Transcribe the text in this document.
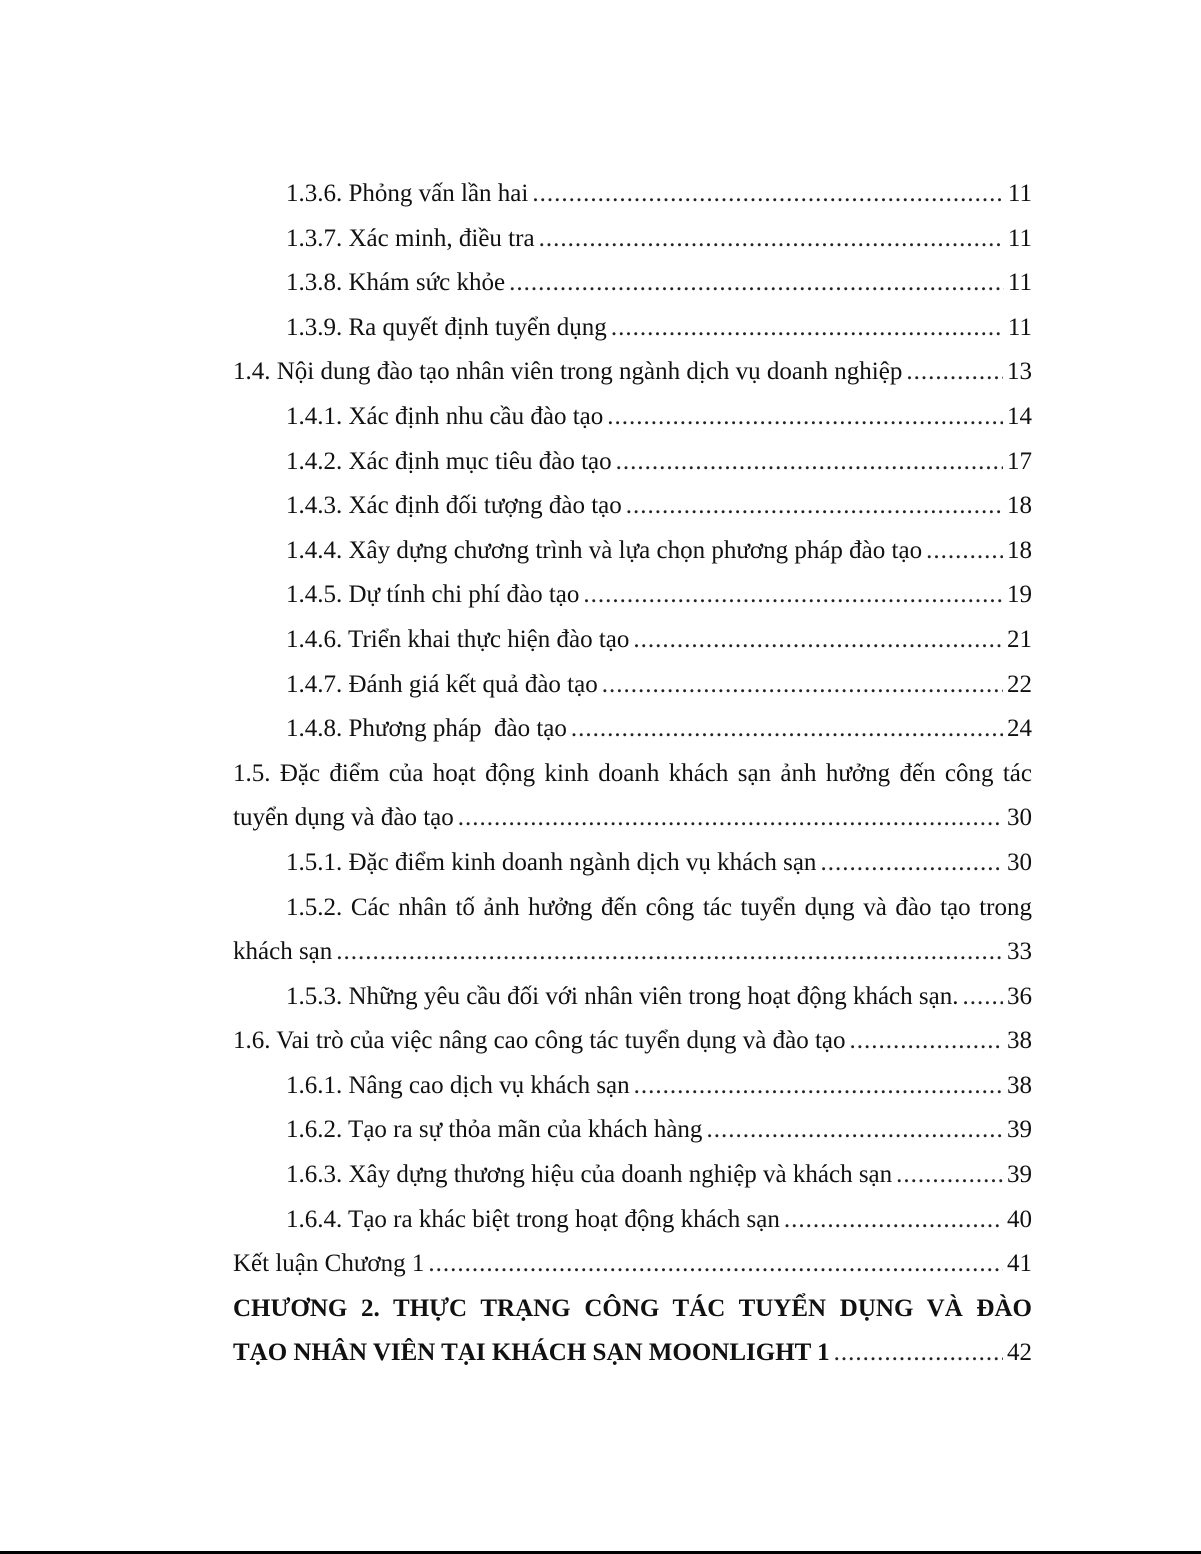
1.3.6. Phỏng vấn lần hai .....	11
1.3.7. Xác minh, điều tra .....	11
1.3.8. Khám sức khỏe .....	11
1.3.9. Ra quyết định tuyển dụng .....	11
1.4. Nội dung đào tạo nhân viên trong ngành dịch vụ doanh nghiệp .....	13
1.4.1. Xác định nhu cầu đào tạo .....	14
1.4.2. Xác định mục tiêu đào tạo .....	17
1.4.3. Xác định đối tượng đào tạo .....	18
1.4.4. Xây dựng chương trình và lựa chọn phương pháp đào tạo .....	18
1.4.5. Dự tính chi phí đào tạo .....	19
1.4.6. Triển khai thực hiện đào tạo .....	21
1.4.7. Đánh giá kết quả đào tạo .....	22
1.4.8. Phương pháp  đào tạo .....	24
1.5. Đặc điểm của hoạt động kinh doanh khách sạn ảnh hưởng đến công tác
tuyển dụng và đào tạo .....	30
1.5.1. Đặc điểm kinh doanh ngành dịch vụ khách sạn .....	30
1.5.2. Các nhân tố ảnh hưởng đến công tác tuyển dụng và đào tạo trong
khách sạn .....	33
1.5.3. Những yêu cầu đối với nhân viên trong hoạt động khách sạn. ..... 36
1.6. Vai trò của việc nâng cao công tác tuyển dụng và đào tạo .....	38
1.6.1. Nâng cao dịch vụ khách sạn .....	38
1.6.2. Tạo ra sự thỏa mãn của khách hàng .....	39
1.6.3. Xây dựng thương hiệu của doanh nghiệp và khách sạn .....	39
1.6.4. Tạo ra khác biệt trong hoạt động khách sạn .....	40
Kết luận Chương 1 .....	41
CHƯƠNG 2. THỰC TRẠNG CÔNG TÁC TUYỂN DỤNG VÀ ĐÀO
TẠO NHÂN VIÊN TẠI KHÁCH SẠN MOONLIGHT 1 .....	42
